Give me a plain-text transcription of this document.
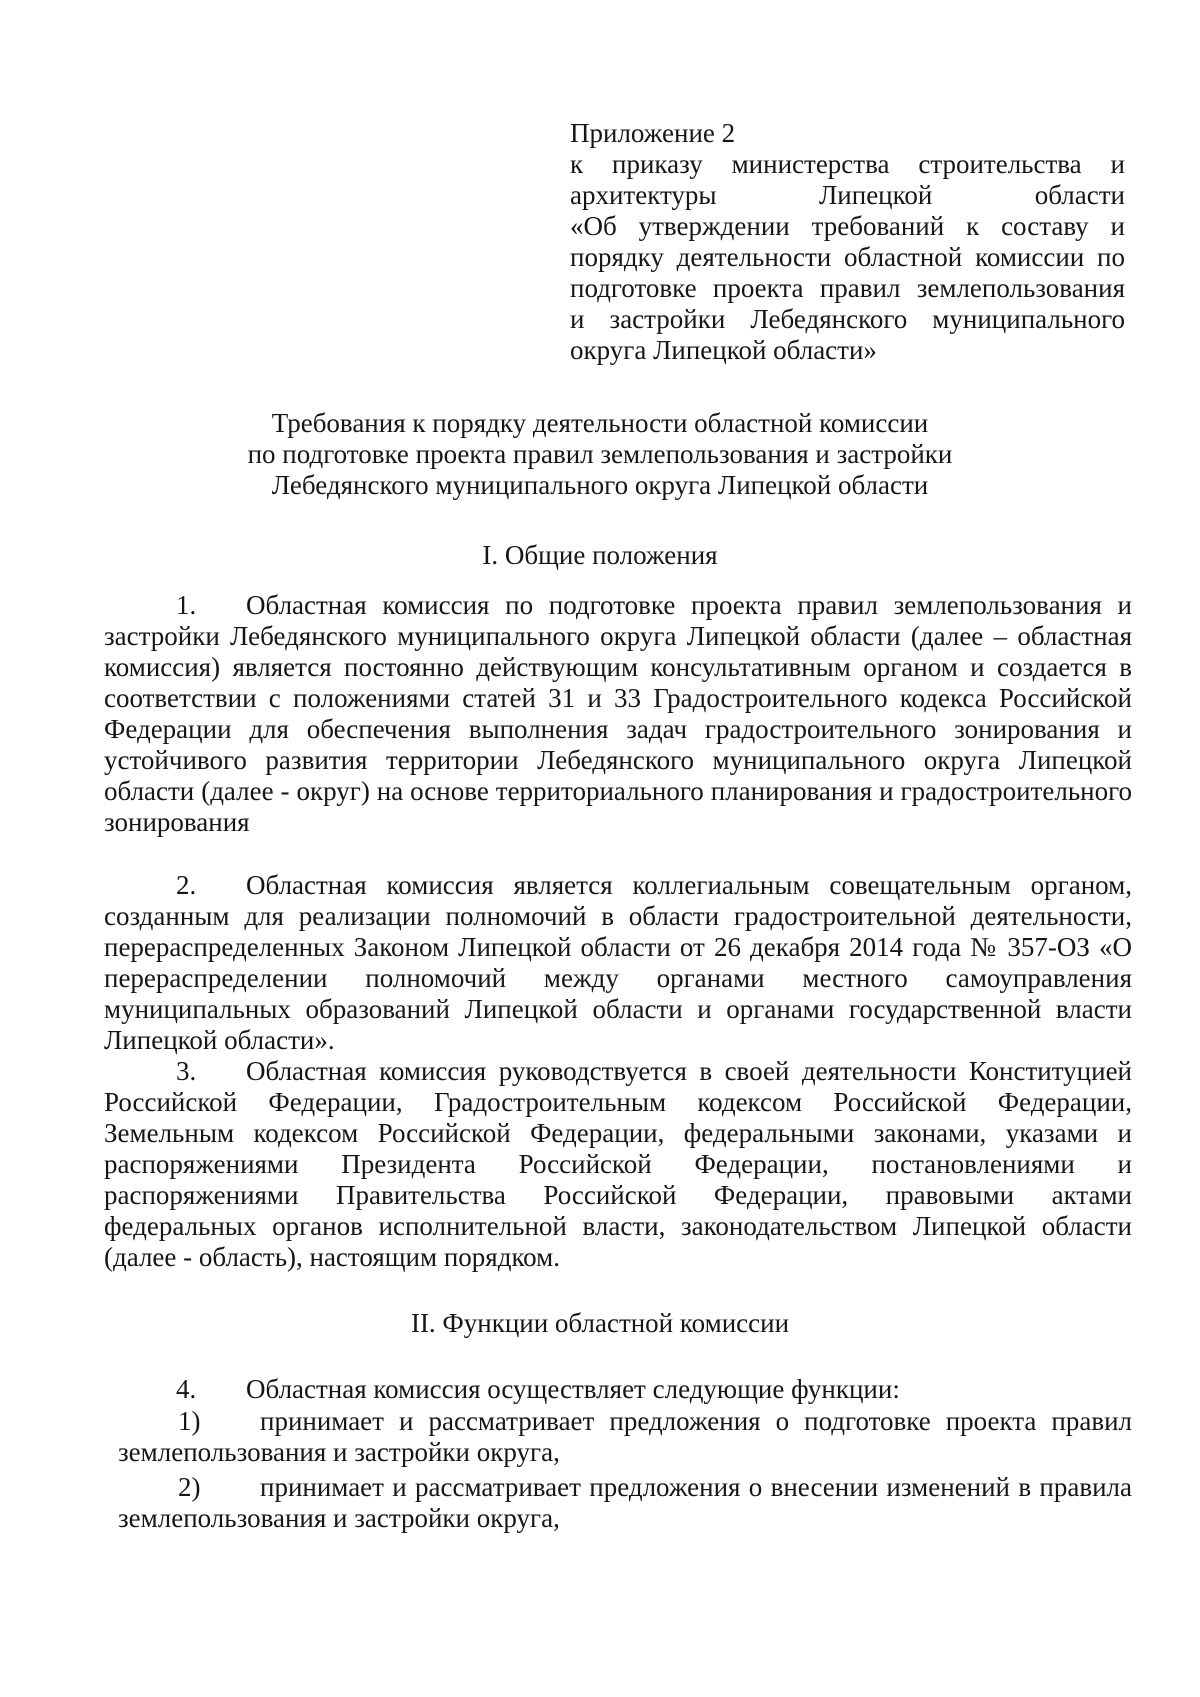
Приложение 2
к приказу министерства строительства и
архитектуры Липецкой области
«Об утверждении требований к составу и
порядку деятельности областной комиссии по
подготовке проекта правил землепользования
и застройки Лебедянского муниципального
округа Липецкой области»
Требования к порядку деятельности областной комиссии
по подготовке проекта правил землепользования и застройки
Лебедянского муниципального округа Липецкой области
I. Общие положения
1. Областная комиссия по подготовке проекта правил землепользования и застройки Лебедянского муниципального округа Липецкой области (далее – областная комиссия) является постоянно действующим консультативным органом и создается в соответствии с положениями статей 31 и 33 Градостроительного кодекса Российской Федерации для обеспечения выполнения задач градостроительного зонирования и устойчивого развития территории Лебедянского муниципального округа Липецкой области (далее - округ) на основе территориального планирования и градостроительного зонирования
2. Областная комиссия является коллегиальным совещательным органом, созданным для реализации полномочий в области градостроительной деятельности, перераспределенных Законом Липецкой области от 26 декабря 2014 года № 357-ОЗ «О перераспределении полномочий между органами местного самоуправления муниципальных образований Липецкой области и органами государственной власти Липецкой области».
3. Областная комиссия руководствуется в своей деятельности Конституцией Российской Федерации, Градостроительным кодексом Российской Федерации, Земельным кодексом Российской Федерации, федеральными законами, указами и распоряжениями Президента Российской Федерации, постановлениями и распоряжениями Правительства Российской Федерации, правовыми актами федеральных органов исполнительной власти, законодательством Липецкой области (далее - область), настоящим порядком.
II. Функции областной комиссии
4. Областная комиссия осуществляет следующие функции:
1) принимает и рассматривает предложения о подготовке проекта правил землепользования и застройки округа,
2) принимает и рассматривает предложения о внесении изменений в правила землепользования и застройки округа,
